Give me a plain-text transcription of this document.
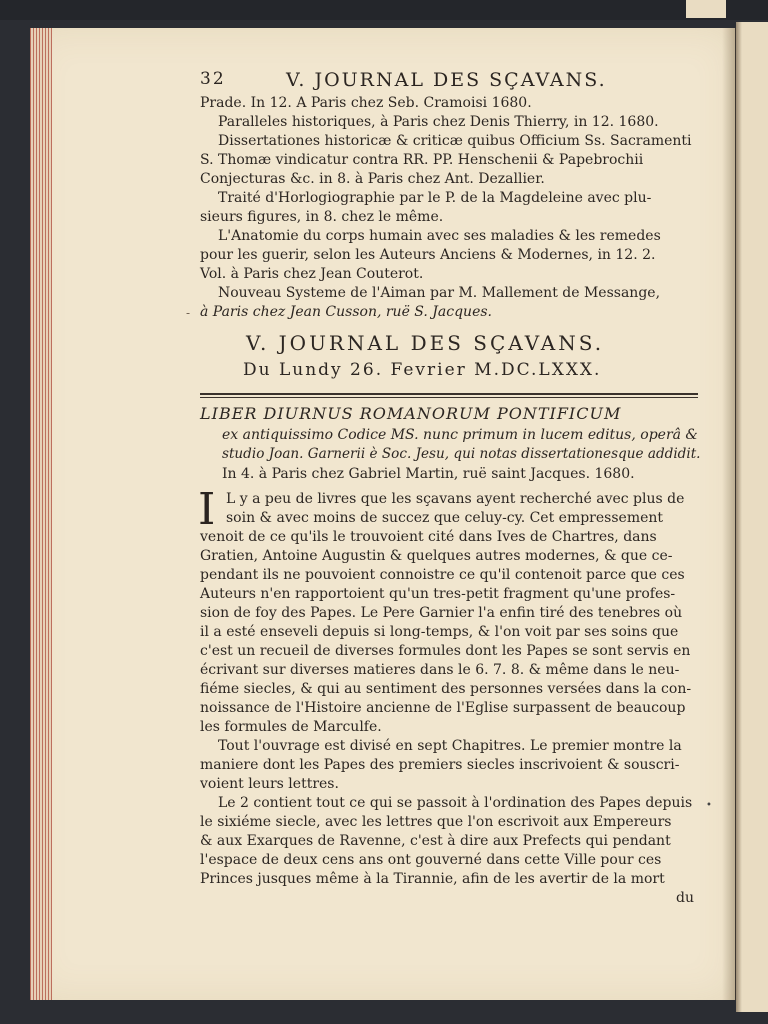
32	V. JOURNAL DES SÇAVANS.
Prade. In 12. A Paris chez Seb. Cramoisi 1680.
Paralleles historiques, à Paris chez Denis Thierry, in 12. 1680.
Dissertationes historicæ & criticæ quibus Officium Ss. Sacramenti
S. Thomæ vindicatur contra RR. PP. Henschenii & Papebrochii
Conjecturas &c. in 8. à Paris chez Ant. Dezallier.
Traité d'Horlogiographie par le P. de la Magdeleine avec plu-
sieurs figures, in 8. chez le même.
L'Anatomie du corps humain avec ses maladies & les remedes
pour les guerir, selon les Auteurs Anciens & Modernes, in 12. 2.
Vol. à Paris chez Jean Couterot.
Nouveau Systeme de l'Aiman par M. Mallement de Messange,
à Paris chez Jean Cusson, ruë S. Jacques.
-
V. JOURNAL DES SÇAVANS.
Du Lundy 26. Fevrier M.DC.LXXX.
LIBER DIURNUS ROMANORUM PONTIFICUM
ex antiquissimo Codice MS. nunc primum in lucem editus, operâ &
studio Joan. Garnerii è Soc. Jesu, qui notas dissertationesque addidit.
In 4. à Paris chez Gabriel Martin, ruë saint Jacques. 1680.
I L y a peu de livres que les sçavans ayent recherché avec plus de
soin & avec moins de succez que celuy-cy. Cet empressement
venoit de ce qu'ils le trouvoient cité dans Ives de Chartres, dans
Gratien, Antoine Augustin & quelques autres modernes, & que ce-
pendant ils ne pouvoient connoistre ce qu'il contenoit parce que ces
Auteurs n'en rapportoient qu'un tres-petit fragment qu'une profes-
sion de foy des Papes. Le Pere Garnier l'a enfin tiré des tenebres où
il a esté enseveli depuis si long-temps, & l'on voit par ses soins que
c'est un recueil de diverses formules dont les Papes se sont servis en
écrivant sur diverses matieres dans le 6. 7. 8. & même dans le neu-
fiéme siecles, & qui au sentiment des personnes versées dans la con-
noissance de l'Histoire ancienne de l'Eglise surpassent de beaucoup
les formules de Marculfe.
Tout l'ouvrage est divisé en sept Chapitres. Le premier montre la
maniere dont les Papes des premiers siecles inscrivoient & souscri-
voient leurs lettres.
Le 2 contient tout ce qui se passoit à l'ordination des Papes depuis
le sixiéme siecle, avec les lettres que l'on escrivoit aux Empereurs
& aux Exarques de Ravenne, c'est à dire aux Prefects qui pendant
l'espace de deux cens ans ont gouverné dans cette Ville pour ces
Princes jusques même à la Tirannie, afin de les avertir de la mort
du
•
